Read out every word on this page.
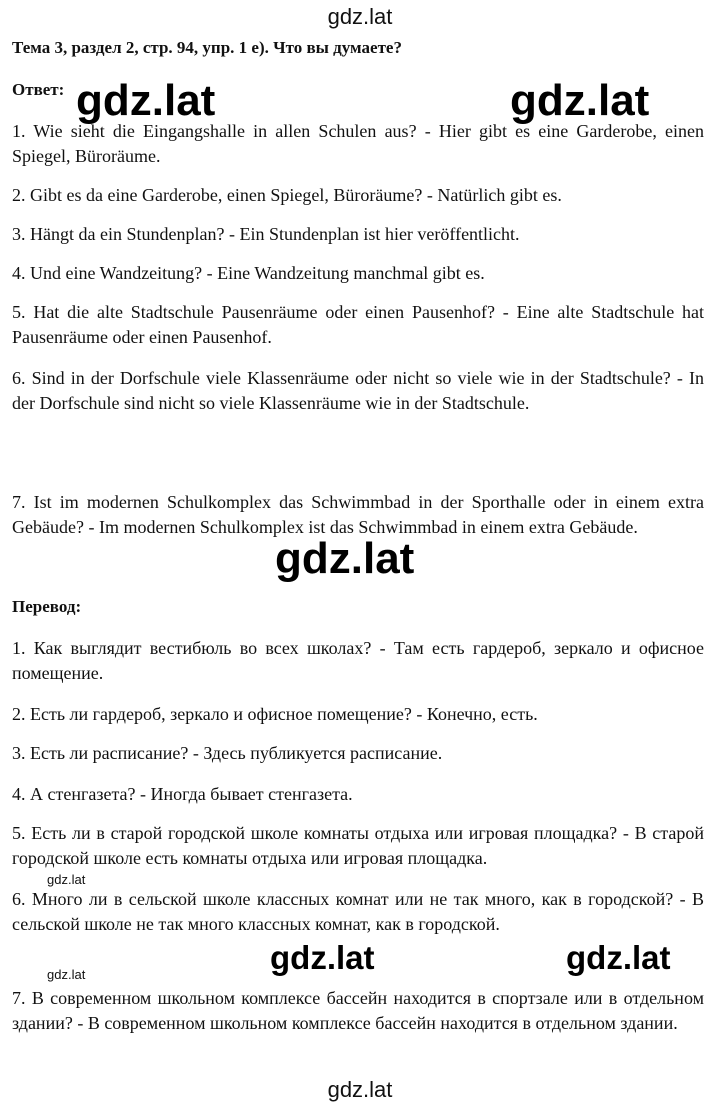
gdz.lat
Тема 3, раздел 2, стр. 94, упр. 1 е). Что вы думаете?
Ответ:
1. Wie sieht die Eingangshalle in allen Schulen aus? - Hier gibt es eine Garderobe, einen Spiegel, Büroräume.
2. Gibt es da eine Garderobe, einen Spiegel, Büroräume? - Natürlich gibt es.
3. Hängt da ein Stundenplan? - Ein Stundenplan ist hier veröffentlicht.
4. Und eine Wandzeitung? - Eine Wandzeitung manchmal gibt es.
5. Hat die alte Stadtschule Pausenräume oder einen Pausenhof? - Eine alte Stadtschule hat Pausenräume oder einen Pausenhof.
6. Sind in der Dorfschule viele Klassenräume oder nicht so viele wie in der Stadtschule? - In der Dorfschule sind nicht so viele Klassenräume wie in der Stadtschule.
7. Ist im modernen Schulkomplex das Schwimmbad in der Sporthalle oder in einem extra Gebäude? - Im modernen Schulkomplex ist das Schwimmbad in einem extra Gebäude.
Перевод:
1. Как выглядит вестибюль во всех школах? - Там есть гардероб, зеркало и офисное помещение.
2. Есть ли гардероб, зеркало и офисное помещение? - Конечно, есть.
3. Есть ли расписание? - Здесь публикуется расписание.
4. А стенгазета? - Иногда бывает стенгазета.
5. Есть ли в старой городской школе комнаты отдыха или игровая площадка? - В старой городской школе есть комнаты отдыха или игровая площадка.
6. Много ли в сельской школе классных комнат или не так много, как в городской? - В сельской школе не так много классных комнат, как в городской.
7. В современном школьном комплексе бассейн находится в спортзале или в отдельном здании? - В современном школьном комплексе бассейн находится в отдельном здании.
gdz.lat	gdz.lat
gdz.lat
gdz.lat	gdz.lat
gdz.lat
gdz.lat
gdz.lat
